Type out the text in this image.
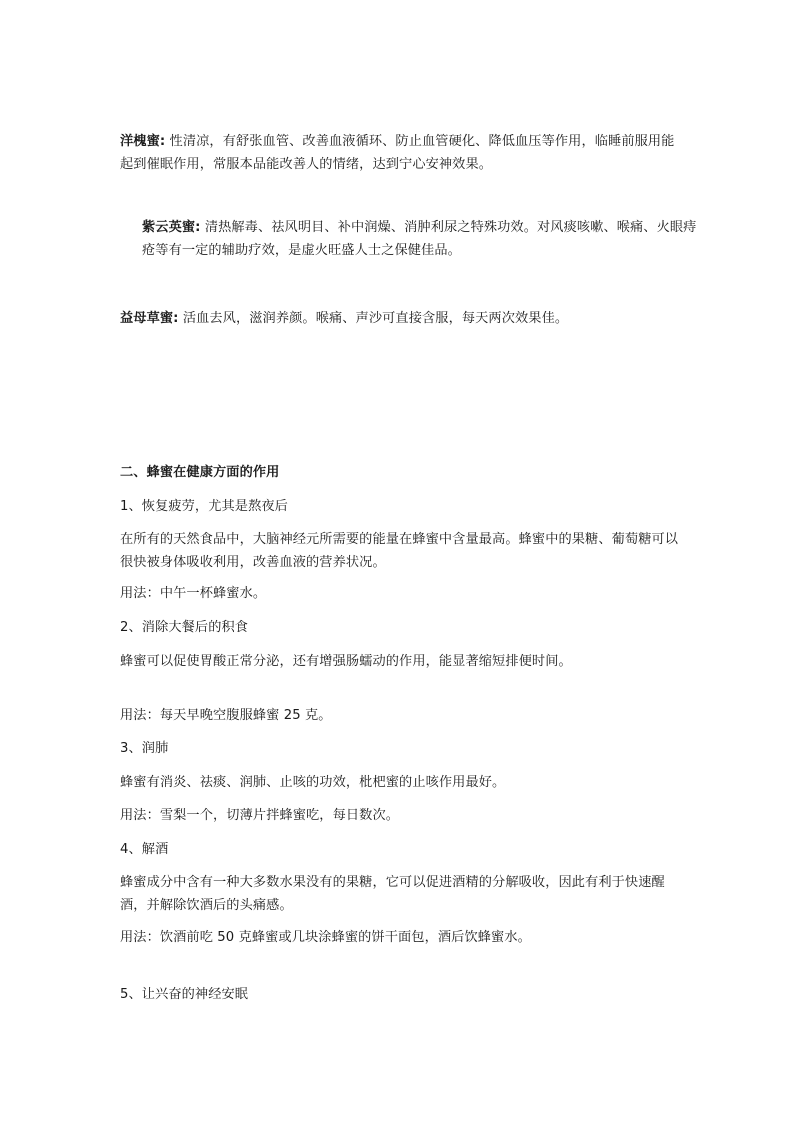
洋槐蜜: 性清凉，有舒张血管、改善血液循环、防止血管硬化、降低血压等作用，临睡前服用能起到催眠作用，常服本品能改善人的情绪，达到宁心安神效果。

紫云英蜜: 清热解毒、祛风明目、补中润燥、消肿利尿之特殊功效。对风痰咳嗽、喉痛、火眼痔疮等有一定的辅助疗效，是虚火旺盛人士之保健佳品。

益母草蜜: 活血去风，滋润养颜。喉痛、声沙可直接含服，每天两次效果佳。

二、蜂蜜在健康方面的作用

1、恢复疲劳，尤其是熬夜后

在所有的天然食品中，大脑神经元所需要的能量在蜂蜜中含量最高。蜂蜜中的果糖、葡萄糖可以很快被身体吸收利用，改善血液的营养状况。

用法：中午一杯蜂蜜水。

2、消除大餐后的积食

蜂蜜可以促使胃酸正常分泌，还有增强肠蠕动的作用，能显著缩短排便时间。

用法：每天早晚空腹服蜂蜜 25 克。

3、润肺

蜂蜜有消炎、祛痰、润肺、止咳的功效，枇杷蜜的止咳作用最好。

用法：雪梨一个，切薄片拌蜂蜜吃，每日数次。

4、解酒

蜂蜜成分中含有一种大多数水果没有的果糖，它可以促进酒精的分解吸收，因此有利于快速醒酒，并解除饮酒后的头痛感。

用法：饮酒前吃 50 克蜂蜜或几块涂蜂蜜的饼干面包，酒后饮蜂蜜水。

5、让兴奋的神经安眠
